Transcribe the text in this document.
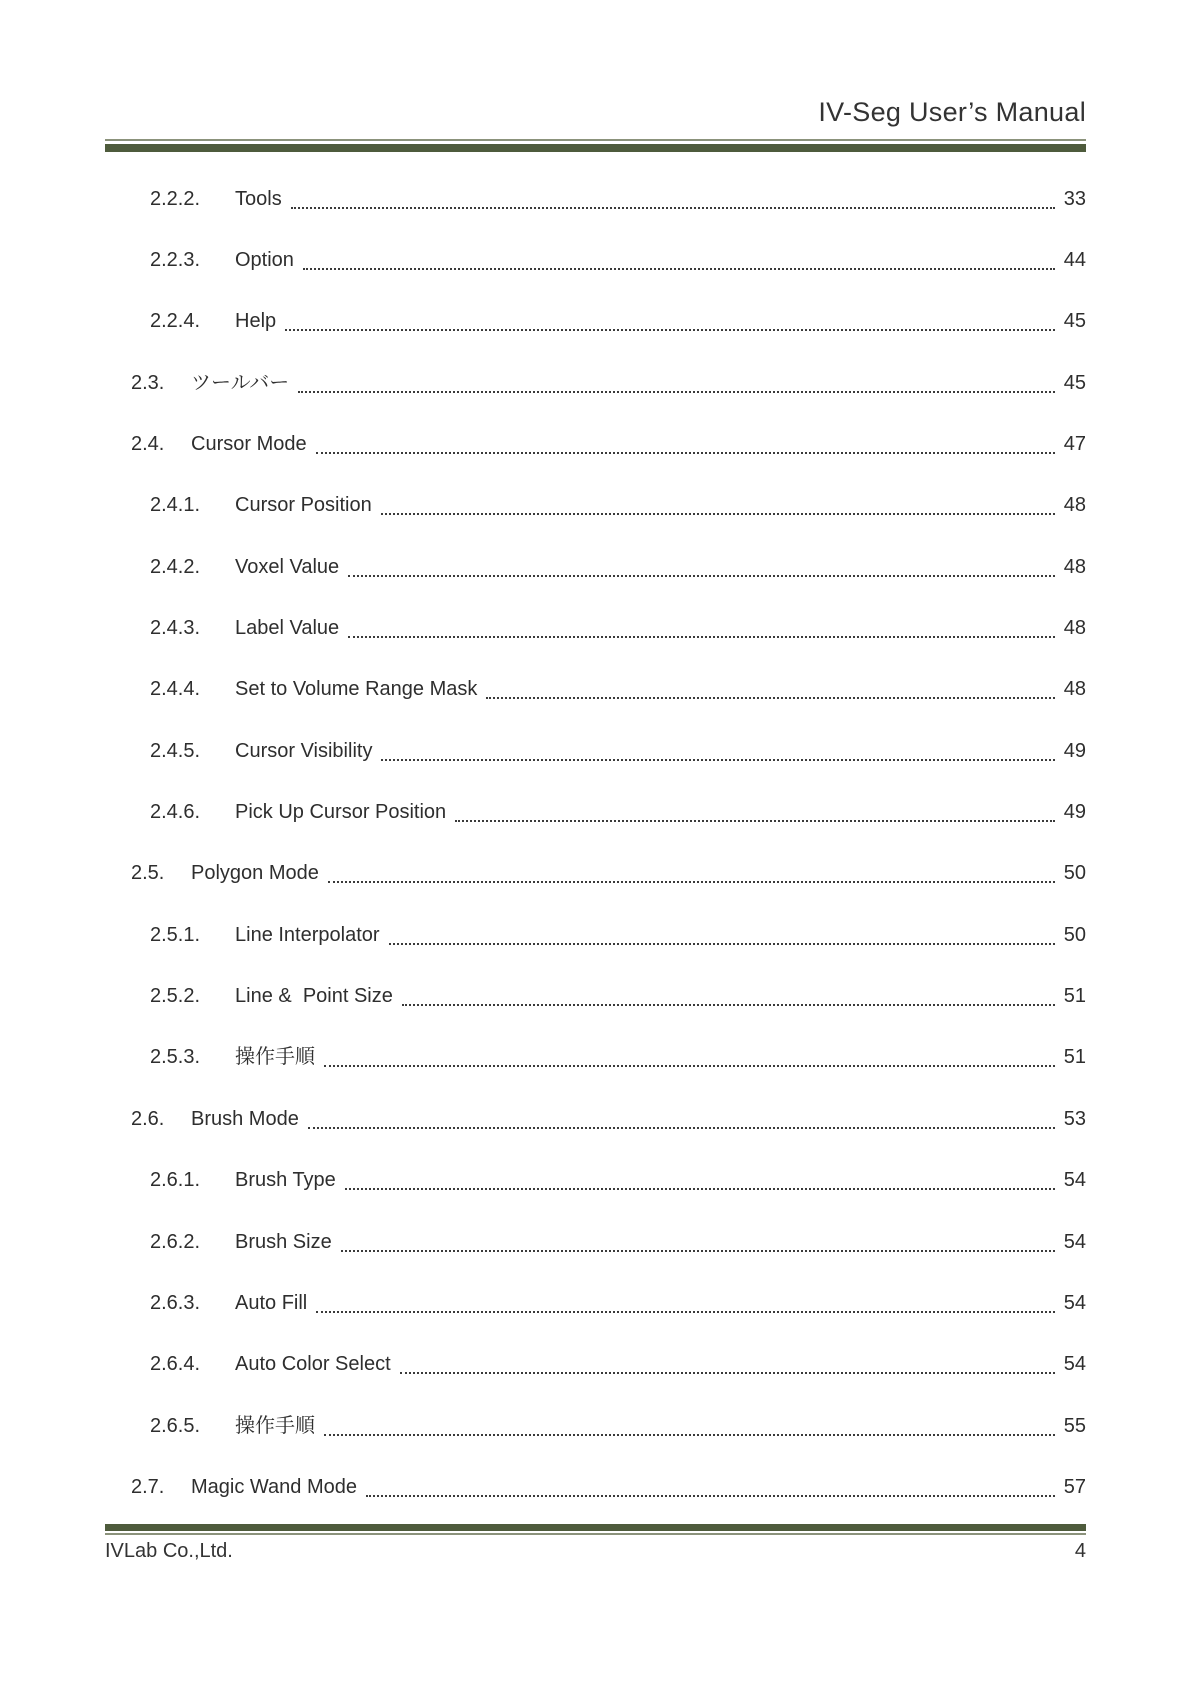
IV-Seg User’s Manual
2.2.2.	Tools	33
2.2.3.	Option	44
2.2.4.	Help	45
2.3.	ツールバー	45
2.4.	Cursor Mode	47
2.4.1.	Cursor Position	48
2.4.2.	Voxel Value	48
2.4.3.	Label Value	48
2.4.4.	Set to Volume Range Mask	48
2.4.5.	Cursor Visibility	49
2.4.6.	Pick Up Cursor Position	49
2.5.	Polygon Mode	50
2.5.1.	Line Interpolator	50
2.5.2.	Line &  Point Size	51
2.5.3.	操作手順	51
2.6.	Brush Mode	53
2.6.1.	Brush Type	54
2.6.2.	Brush Size	54
2.6.3.	Auto Fill	54
2.6.4.	Auto Color Select	54
2.6.5.	操作手順	55
2.7.	Magic Wand Mode	57
IVLab Co.,Ltd.	4
